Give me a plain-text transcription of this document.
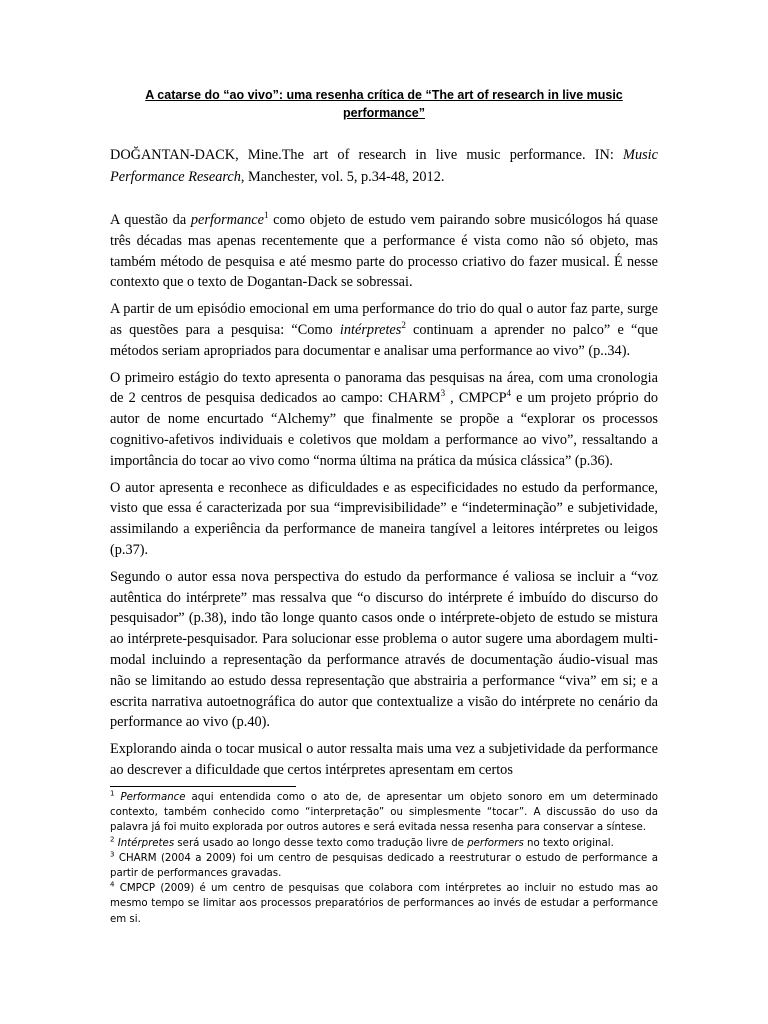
A catarse do “ao vivo”: uma resenha crítica de “The art of research in live music performance”

DOĞANTAN-DACK, Mine.The art of research in live music performance. IN: Music Performance Research, Manchester, vol. 5, p.34-48, 2012.

A questão da performance$^1$ como objeto de estudo vem pairando sobre musicólogos há quase três décadas mas apenas recentemente que a performance é vista como não só objeto, mas também método de pesquisa e até mesmo parte do processo criativo do fazer musical. É nesse contexto que o texto de Dogantan-Dack se sobressai.

A partir de um episódio emocional em uma performance do trio do qual o autor faz parte, surge as questões para a pesquisa: “Como intérpretes$^2$ continuam a aprender no palco” e “que métodos seriam apropriados para documentar e analisar uma performance ao vivo” (p..34).

O primeiro estágio do texto apresenta o panorama das pesquisas na área, com uma cronologia de 2 centros de pesquisa dedicados ao campo: CHARM$^3$ , CMPCP$^4$ e um projeto próprio do autor de nome encurtado “Alchemy” que finalmente se propõe a “explorar os processos cognitivo-afetivos individuais e coletivos que moldam a performance ao vivo”, ressaltando a importância do tocar ao vivo como “norma última na prática da música clássica” (p.36).

O autor apresenta e reconhece as dificuldades e as especificidades no estudo da performance, visto que essa é caracterizada por sua “imprevisibilidade” e “indeterminação” e subjetividade, assimilando a experiência da performance de maneira tangível a leitores intérpretes ou leigos (p.37).

Segundo o autor essa nova perspectiva do estudo da performance é valiosa se incluir a “voz autêntica do intérprete” mas ressalva que “o discurso do intérprete é imbuído do discurso do pesquisador” (p.38), indo tão longe quanto casos onde o intérprete-objeto de estudo se mistura ao intérprete-pesquisador. Para solucionar esse problema o autor sugere uma abordagem multi-modal incluindo a representação da performance através de documentação áudio-visual mas não se limitando ao estudo dessa representação que abstrairia a performance “viva” em si; e a escrita narrativa autoetnográfica do autor que contextualize a visão do intérprete no cenário da performance ao vivo (p.40).

Explorando ainda o tocar musical o autor ressalta mais uma vez a subjetividade da performance ao descrever a dificuldade que certos intérpretes apresentam em certos

$^1$ Performance aqui entendida como o ato de, de apresentar um objeto sonoro em um determinado contexto, também conhecido como “interpretação” ou simplesmente “tocar”. A discussão do uso da palavra já foi muito explorada por outros autores e será evitada nessa resenha para conservar a síntese.

$^2$ Intérpretes será usado ao longo desse texto como tradução livre de performers no texto original.

$^3$ CHARM (2004 a 2009) foi um centro de pesquisas dedicado a reestruturar o estudo de performance a partir de performances gravadas.

$^4$ CMPCP (2009) é um centro de pesquisas que colabora com intérpretes ao incluir no estudo mas ao mesmo tempo se limitar aos processos preparatórios de performances ao invés de estudar a performance em si.
